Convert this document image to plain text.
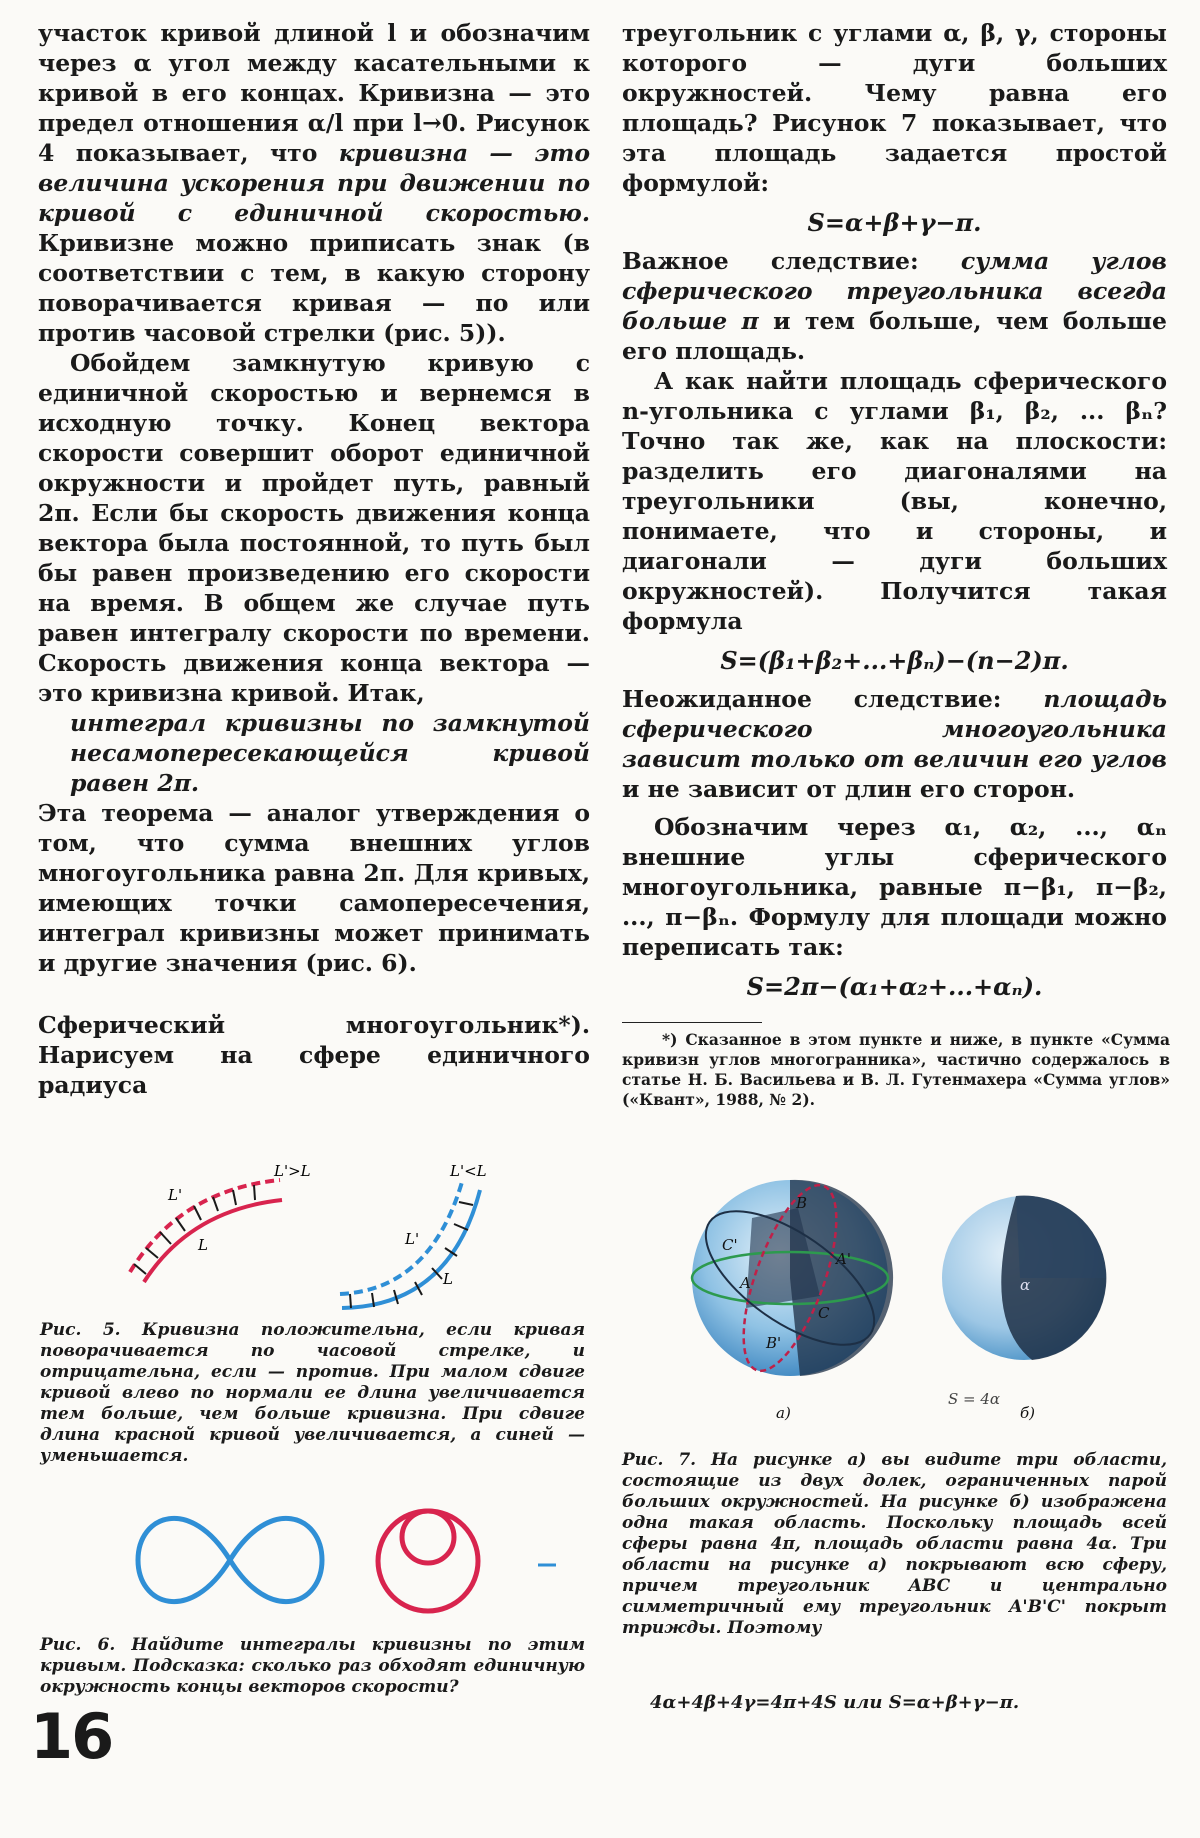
участок кривой длиной l и обозначим через α угол между касательными к кривой в его концах. Кривизна — это предел отношения α/l при l→0. Рисунок 4 показывает, что кривизна — это величина ускорения при движении по кривой с единичной скоростью. Кривизне можно приписать знак (в соответствии с тем, в какую сторону поворачивается кривая — по или против часовой стрелки (рис. 5)).

Обойдем замкнутую кривую с единичной скоростью и вернемся в исходную точку. Конец вектора скорости совершит оборот единичной окружности и пройдет путь, равный 2π. Если бы скорость движения конца вектора была постоянной, то путь был бы равен произведению его скорости на время. В общем же случае путь равен интегралу скорости по времени. Скорость движения конца вектора — это кривизна кривой. Итак,

интеграл кривизны по замкнутой несамопересекающейся кривой равен 2π.

Эта теорема — аналог утверждения о том, что сумма внешних углов многоугольника равна 2π. Для кривых, имеющих точки самопересечения, интеграл кривизны может принимать и другие значения (рис. 6).

Сферический многоугольник*). Нарисуем на сфере единичного радиуса

треугольник с углами α, β, γ, стороны которого — дуги больших окружностей. Чему равна его площадь? Рисунок 7 показывает, что эта площадь задается простой формулой:

S=α+β+γ−π.

Важное следствие: сумма углов сферического треугольника всегда больше π и тем больше, чем больше его площадь.

А как найти площадь сферического n-угольника с углами β₁, β₂, ... βₙ? Точно так же, как на плоскости: разделить его диагоналями на треугольники (вы, конечно, понимаете, что и стороны, и диагонали — дуги больших окружностей). Получится такая формула

S=(β₁+β₂+...+βₙ)−(n−2)π.

Неожиданное следствие: площадь сферического многоугольника зависит только от величин его углов и не зависит от длин его сторон.

Обозначим через α₁, α₂, ..., αₙ внешние углы сферического многоугольника, равные π−β₁, π−β₂, ..., π−βₙ. Формулу для площади можно переписать так:

S=2π−(α₁+α₂+...+αₙ).
*) Сказанное в этом пункте и ниже, в пункте «Сумма кривизн углов многогранника», частично содержалось в статье Н. Б. Васильева и В. Л. Гутенмахера «Сумма углов» («Квант», 1988, № 2).
L'
L'>L
L
L'<L
L'
L
Рис. 5. Кривизна положительна, если кривая поворачивается по часовой стрелке, и отрицательна, если — против. При малом сдвиге кривой влево по нормали ее длина увеличивается тем больше, чем больше кривизна. При сдвиге длина красной кривой увеличивается, а синей — уменьшается.
Рис. 6. Найдите интегралы кривизны по этим кривым. Подсказка: сколько раз обходят единичную окружность концы векторов скорости?
B
C'
A
A'
B'
C
α
S = 4α
а)	б)
Рис. 7. На рисунке а) вы видите три области, состоящие из двух долек, ограниченных парой больших окружностей. На рисунке б) изображена одна такая область. Поскольку площадь всей сферы равна 4π, площадь области равна 4α. Три области на рисунке а) покрывают всю сферу, причем треугольник ABC и центрально симметричный ему треугольник A'B'C' покрыт трижды. Поэтому
4α+4β+4γ=4π+4S или S=α+β+γ−π.
16
